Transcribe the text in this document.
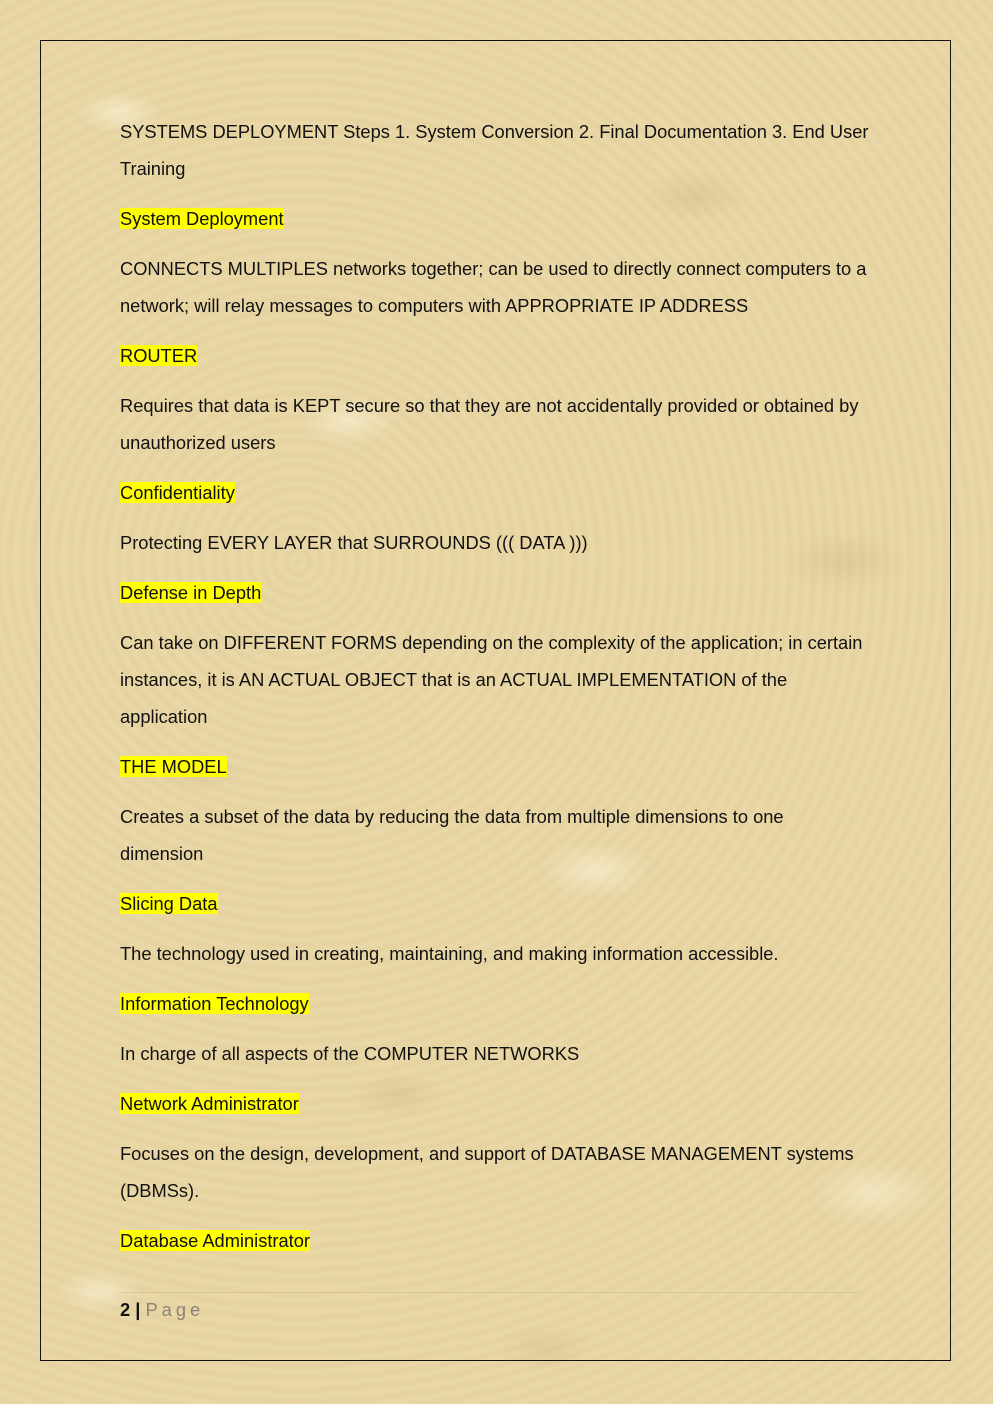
SYSTEMS DEPLOYMENT Steps 1. System Conversion 2. Final Documentation 3. End User Training

System Deployment

CONNECTS MULTIPLES networks together; can be used to directly connect computers to a network; will relay messages to computers with APPROPRIATE IP ADDRESS

ROUTER

Requires that data is KEPT secure so that they are not accidentally provided or obtained by unauthorized users

Confidentiality

Protecting EVERY LAYER that SURROUNDS ((( DATA )))

Defense in Depth

Can take on DIFFERENT FORMS depending on the complexity of the application; in certain instances, it is AN ACTUAL OBJECT that is an ACTUAL IMPLEMENTATION of the application

THE MODEL

Creates a subset of the data by reducing the data from multiple dimensions to one dimension

Slicing Data

The technology used in creating, maintaining, and making information accessible.

Information Technology

In charge of all aspects of the COMPUTER NETWORKS

Network Administrator

Focuses on the design, development, and support of DATABASE MANAGEMENT systems (DBMSs).

Database Administrator

2 | Page
